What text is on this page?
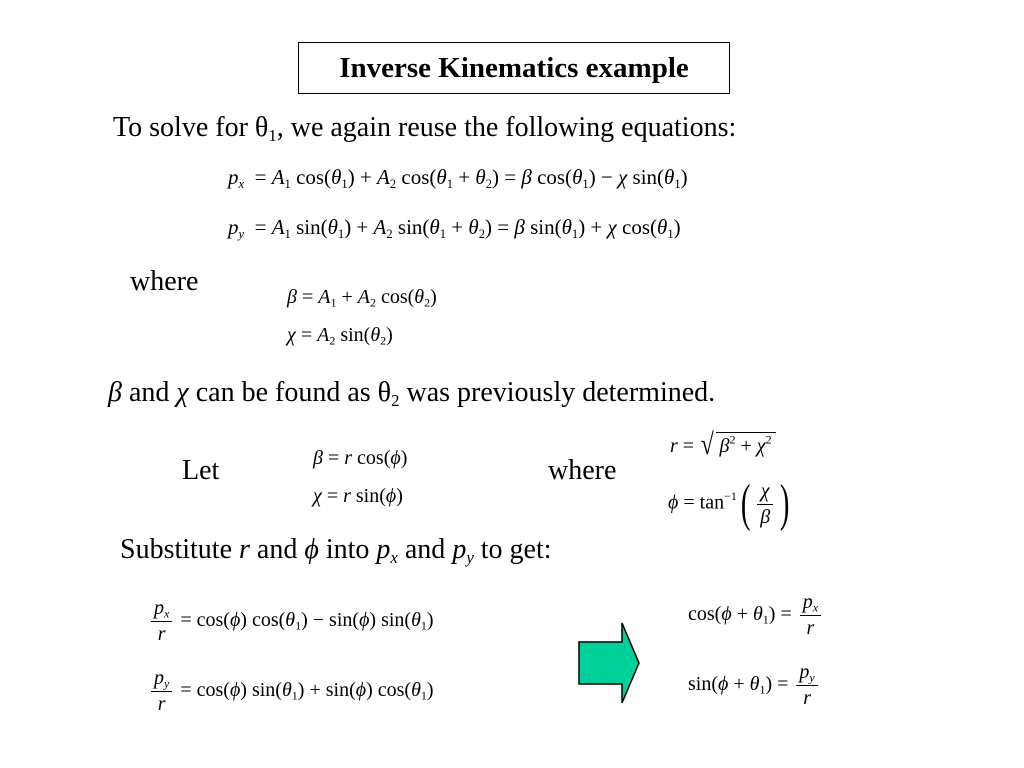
Inverse Kinematics example
To solve for $\theta_1$, we again reuse the following equations:
$p_x = A_1$ $\cos(\theta_1) + A_2$ $\cos(\theta_1 + \theta_2) = \beta$ $\cos(\theta_1) - \chi$ $\sin(\theta_1)$
$p_y = A_1$ $\sin(\theta_1) + A_2$ $\sin(\theta_1 + \theta_2) = \beta$ $\sin(\theta_1) + \chi$ $\cos(\theta_1)$
where	$\beta = A_1 + A_2$ $\cos(\theta_2)$
$\chi = A_2$ $\sin(\theta_2)$
β and χ can be found as $\theta_2$ was previously determined.
Let	β = r cos(ϕ)
χ = r sin(ϕ)
where
r = √ $\beta^2 + \chi^2$
$\phi = \tan^{-1}( \frac{\chi}{\beta}$ )
Substitute r and ϕ into $p_x$ and $p_y$ to get:
$\frac{p_x}{r} = \cos(\phi) \cos(\theta_1) - \sin(\phi)$ $\sin(\theta_1)$
$\frac{p_y}{r} = \cos(\phi) \sin(\theta_1) + \sin(\phi)$ $\cos(\theta_1)$
$\cos(\phi + \theta_1) = \frac{p_x}{r}$
$\sin(\phi + \theta_1) = \frac{p_y}{r}$
